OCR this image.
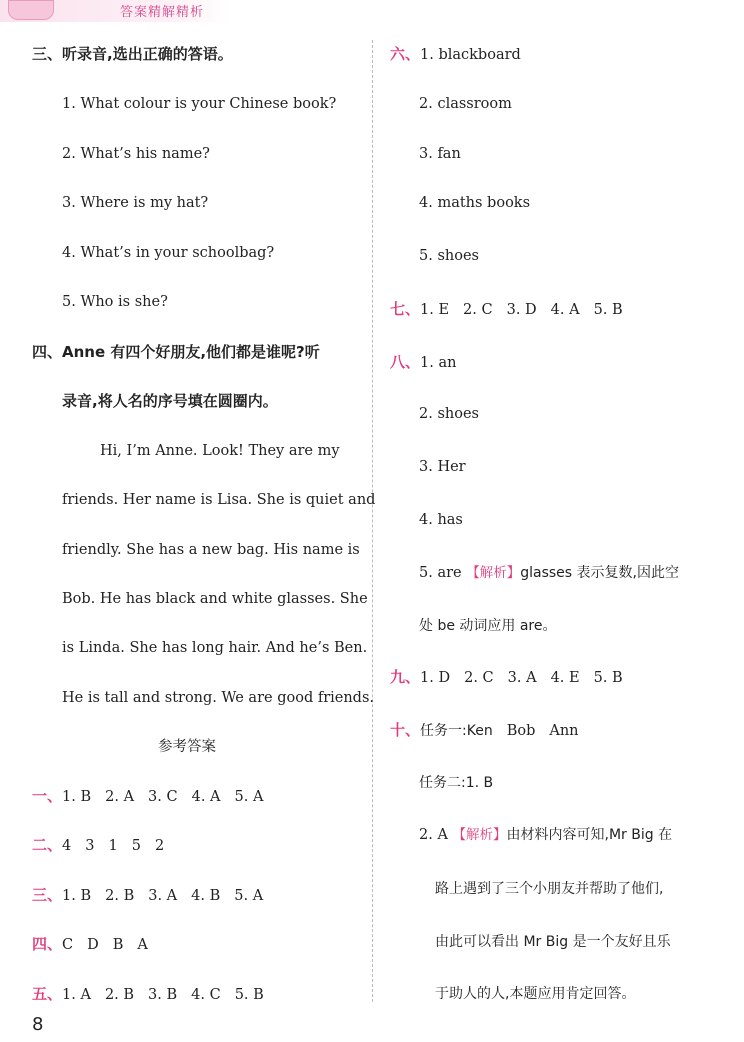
答案精解精析
三、听录音,选出正确的答语。
1. What colour is your Chinese book?
2. What’s his name?
3. Where is my hat?
4. What’s in your schoolbag?
5. Who is she?
四、Anne 有四个好朋友,他们都是谁呢?听
录音,将人名的序号填在圆圈内。
Hi, I’m Anne. Look! They are my
friends. Her name is Lisa. She is quiet and
friendly. She has a new bag. His name is
Bob. He has black and white glasses. She
is Linda. She has long hair. And he’s Ben.
He is tall and strong. We are good friends.
参考答案
一、1. B 2. A 3. C 4. A 5. A
二、4 3 1 5 2
三、1. B 2. B 3. A 4. B 5. A
四、C D B A
五、1. A 2. B 3. B 4. C 5. B
8
六、1. blackboard
2. classroom
3. fan
4. maths books
5. shoes
七、1. E 2. C 3. D 4. A 5. B
八、1. an
2. shoes
3. Her
4. has
5. are 【解析】glasses 表示复数,因此空
处 be 动词应用 are。
九、1. D 2. C 3. A 4. E 5. B
十、任务一:Ken Bob Ann
任务二:1. B
2. A 【解析】由材料内容可知,Mr Big 在
路上遇到了三个小朋友并帮助了他们,
由此可以看出 Mr Big 是一个友好且乐
于助人的人,本题应用肯定回答。
